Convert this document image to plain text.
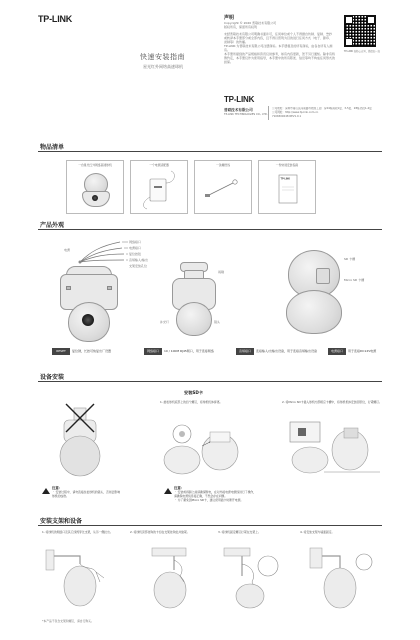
TP-LINK
快速安装指南
星光红外网络高速球机
声明
Copyright © 2020 普联技术有限公司
版权所有，保留所有权利
未经普联技术有限公司明确书面许可，任何单位或个人不得擅自仿制、复制、誊抄
或转译本手册部分或全部内容，且不得以营利为目的进行任何方式（电子、影印、
录制等）的传播。
TP-LINK 为普联技术有限公司注册商标。本手册提及的所有商标，由各自所有人拥有。
本手册所提到的产品规格和资讯仅供参考，如有内容更新，恕不另行通知。除非有特
殊约定，本手册仅作为使用指导，本手册中的所有陈述、信息等均不构成任何形式的担保。
TP-LINK 安防公众号，微信扫一扫
TP-LINK
普联技术有限公司
TP-LINK TECHNOLOGIES CO., LTD.
公司地址：深圳市南山区深南路科技园工业厂房24栋南段1层、3-5层、28栋北段1-4层
公司网址：http://www.tp-link.com.cn
7106509248 REV1.0.1
物品清单
一台星光红外网络高速球机	一个电源适配器	一条螺丝线	一份快速安装指南
TP-LINK
产品外观
电源
网络接口
电源接口
复位按钮
音频输入/输出
支架安装孔位
雨刷
补光灯	镜头
SD 卡槽
Micro SD 卡槽
RESET	复位键，长按可恢复出厂设置	网络接口	10 / 100M RJ45网口，用于连接网络	音频接口	连接输入/出输出设备，用于连接音频输出设备	电源接口	用于连接DC12V电源
设备安装
安装SD卡
1. 旋松球机底部上的四个螺钉，将球机机体拆离。	2. 将Micro SD卡插入球机内部相应卡槽中，将球机机体安装回原位，拧紧螺钉。
注意：
・ 安装过程中，请勿直接拉扯球机的镜头，否则会影响
球机的成像。
注意：
・ 安装或拆卸之前请确保断电，在对外接电源电源线进行了操作，
请确保电源线连接正确，不然会存在问题。
・ 为了避免因Micro SD卡，建议使用插卡时断开电源。
安装支架和设备
1. 将球机的网络口及其它线缆穿过支架，从另一侧拉出。	2. 将球机顶部挂钩的卡扣在支架挂钩处并旋紧。	3. 将球机固定螺钉拧紧在支架上。	4. 将安装支架与墙面固定。
*本产品不包含支架和螺钉，请自行购买。
